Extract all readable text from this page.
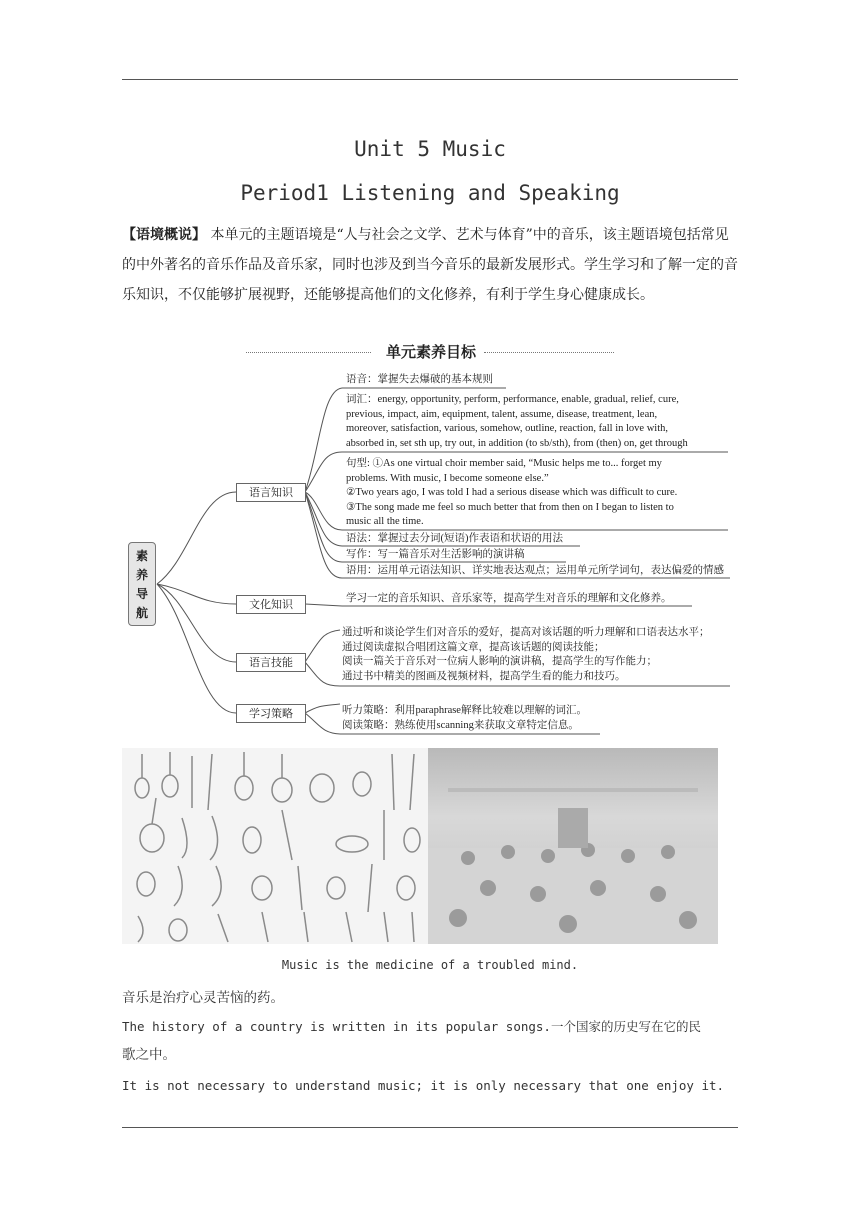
Unit 5 Music
Period1 Listening and Speaking
【语境概说】 本单元的主题语境是“人与社会之文学、艺术与体育”中的音乐，该主题语境包括常见的中外著名的音乐作品及音乐家，同时也涉及到当今音乐的最新发展形式。学生学习和了解一定的音乐知识，不仅能够扩展视野，还能够提高他们的文化修养，有利于学生身心健康成长。
单元素养目标
素养导航
语言知识
文化知识
语言技能
学习策略
语音：掌握失去爆破的基本规则
词汇：energy, opportunity, perform, performance, enable, gradual, relief, cure,
previous, impact, aim, equipment, talent, assume, disease, treatment, lean,
moreover, satisfaction, various, somehow, outline, reaction, fall in love with,
absorbed in, set sth up, try out, in addition (to sb/sth), from (then) on, get through
句型: ①As one virtual choir member said, “Music helps me to... forget my
problems. With music, I become someone else.”
②Two years ago, I was told I had a serious disease which was difficult to cure.
③The song made me feel so much better that from then on I began to listen to
music all the time.
语法：掌握过去分词(短语)作表语和状语的用法
写作：写一篇音乐对生活影响的演讲稿
语用：运用单元语法知识、详实地表达观点；运用单元所学词句，表达偏爱的情感
学习一定的音乐知识、音乐家等，提高学生对音乐的理解和文化修养。
通过听和谈论学生们对音乐的爱好，提高对该话题的听力理解和口语表达水平；
通过阅读虚拟合唱团这篇文章，提高该话题的阅读技能；
阅读一篇关于音乐对一位病人影响的演讲稿，提高学生的写作能力；
通过书中精美的图画及视频材料，提高学生看的能力和技巧。
听力策略：利用paraphrase解释比较难以理解的词汇。
阅读策略：熟练使用scanning来获取文章特定信息。
Music is the medicine of a troubled mind.
音乐是治疗心灵苦恼的药。
The history of a country is written in its popular songs.一个国家的历史写在它的民
歌之中。
It is not necessary to understand music; it is only necessary that one enjoy it.
